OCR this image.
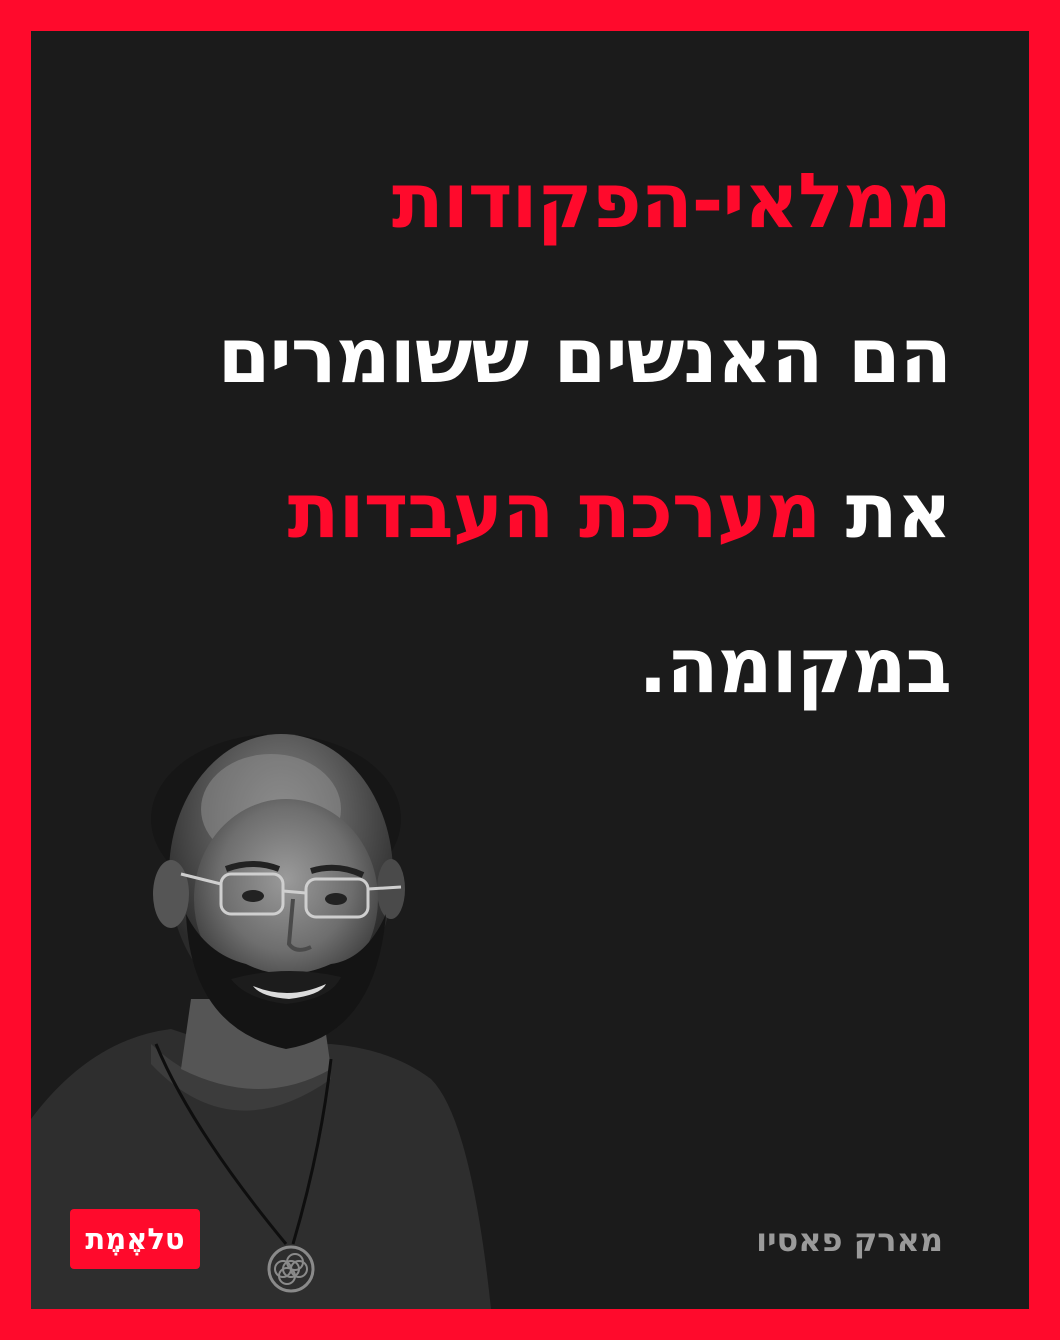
ממלאי-הפקודות
הם האנשים ששומרים
את מערכת העבדות
במקומה.
מארק פאסיו
טלאֶמֶת
